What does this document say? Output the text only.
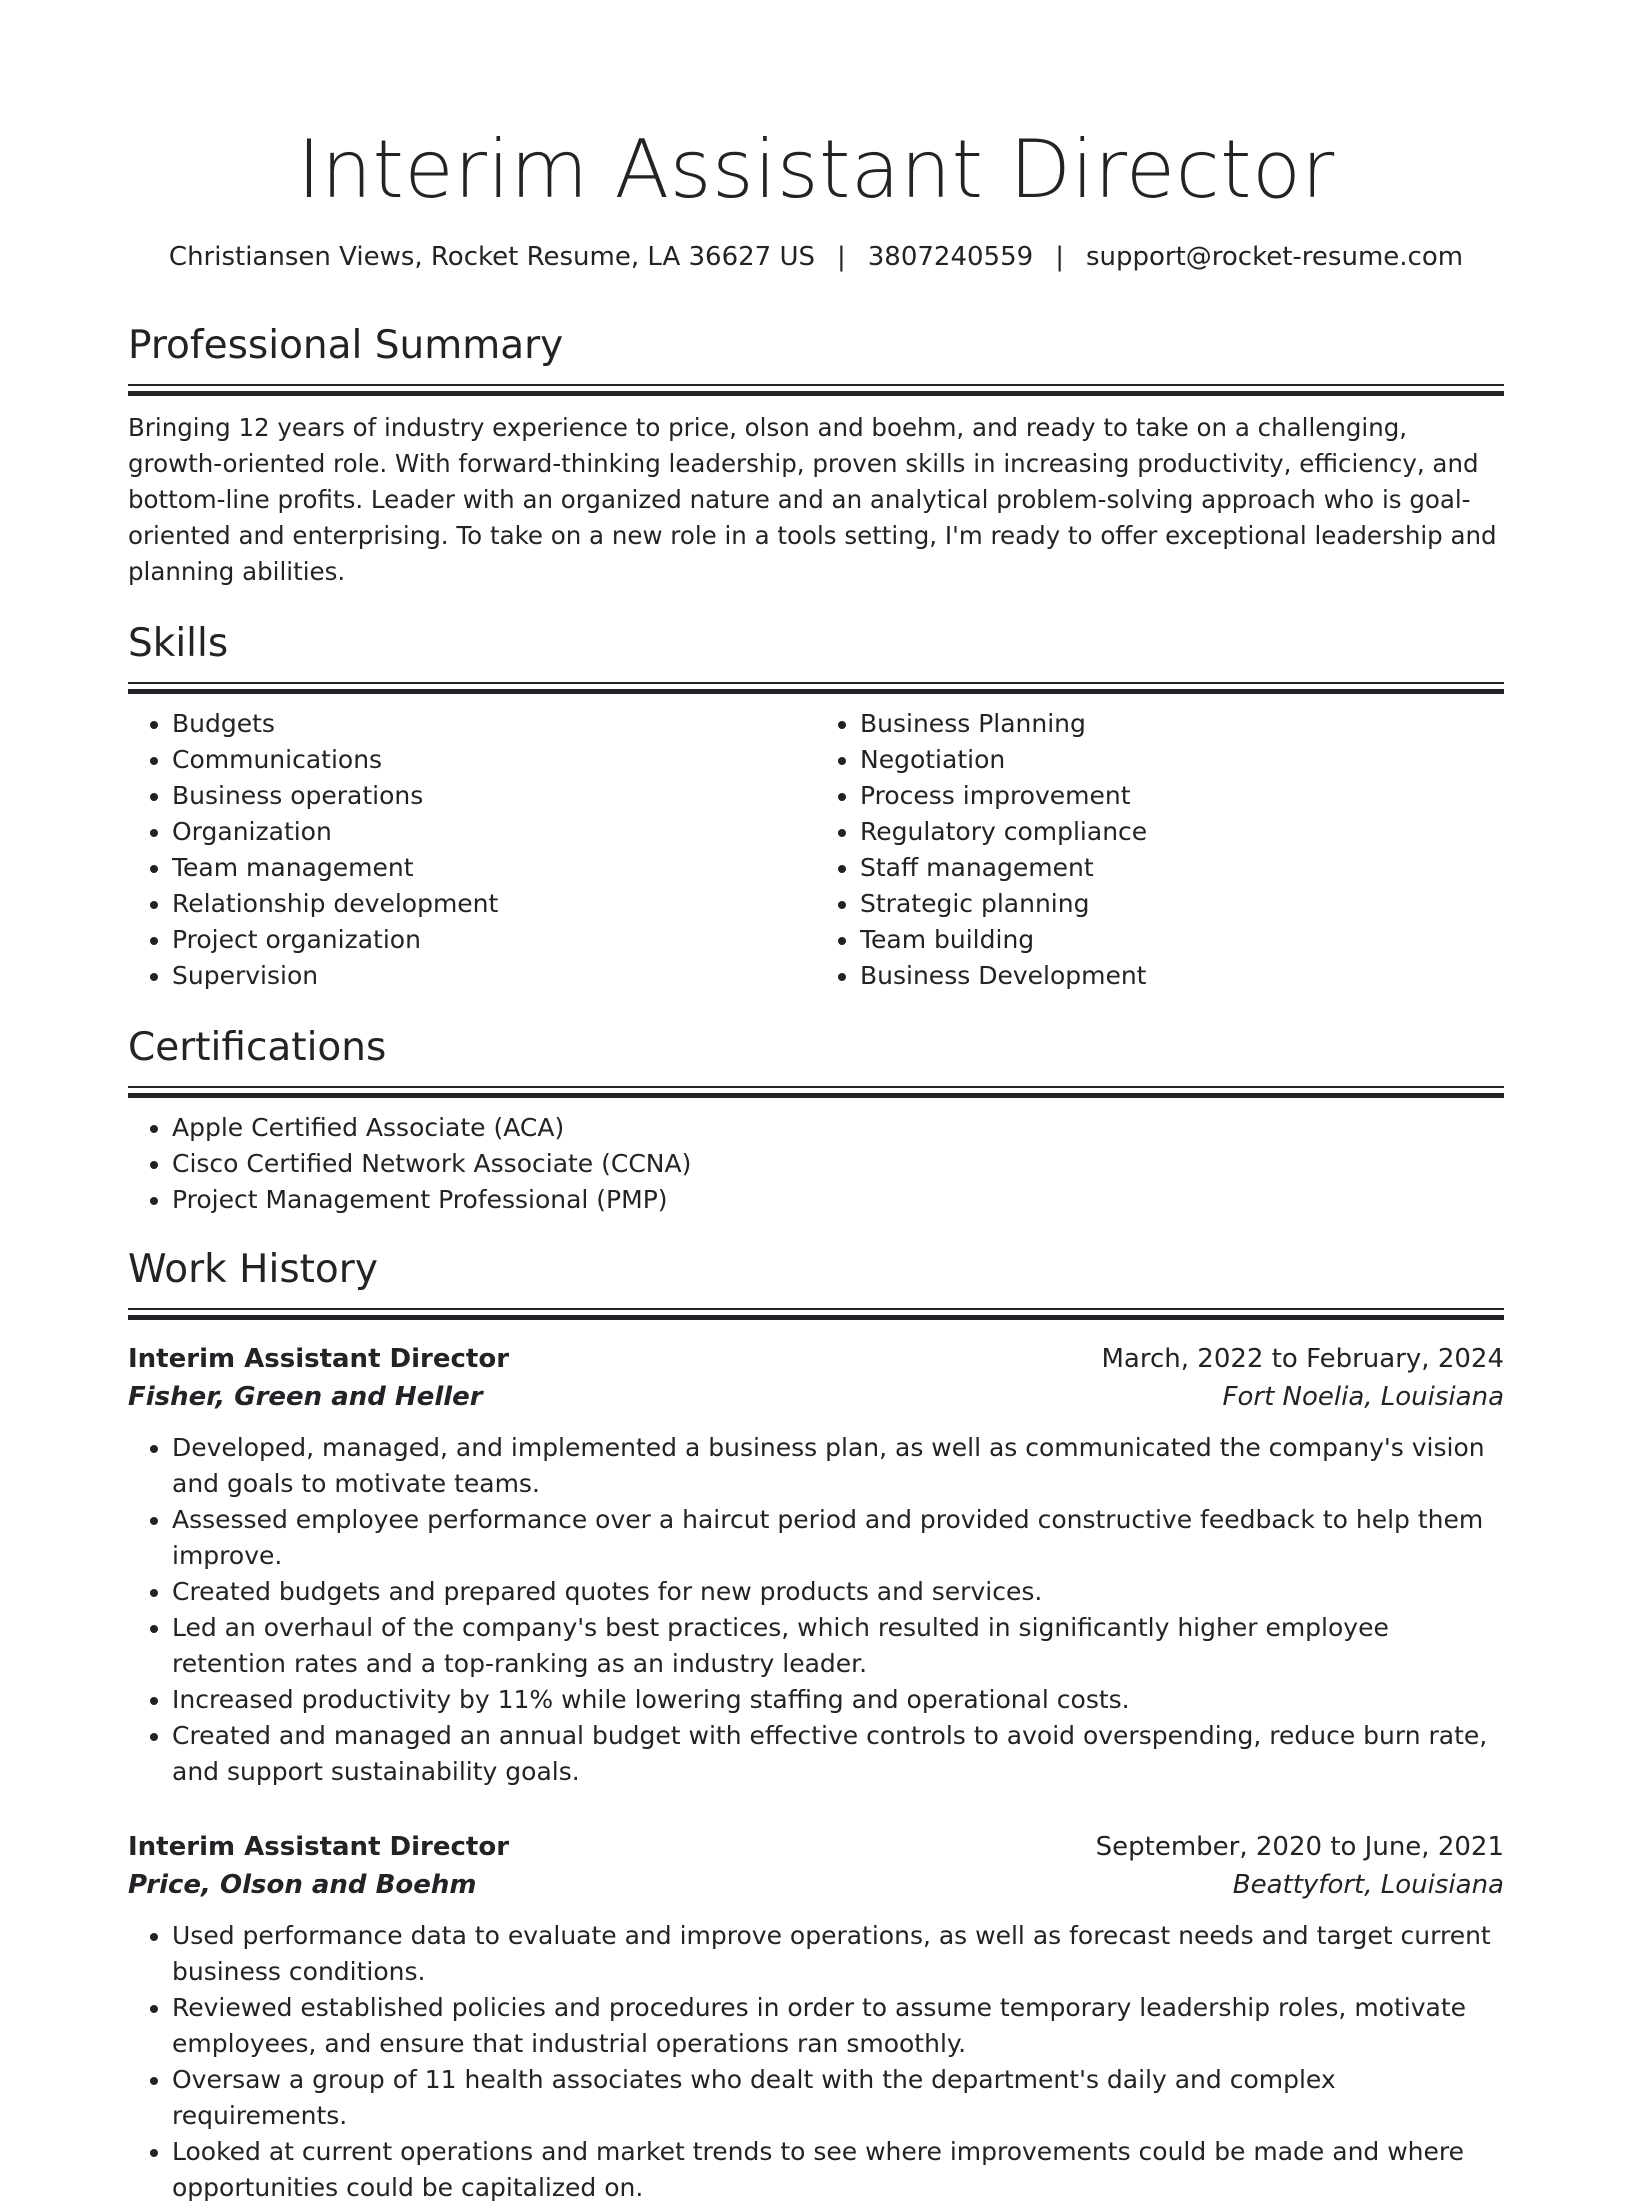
Interim Assistant Director
Christiansen Views, Rocket Resume, LA 36627 US | 3807240559 | support@rocket-resume.com
Professional Summary

Bringing 12 years of industry experience to price, olson and boehm, and ready to take on a challenging, growth-oriented role. With forward-thinking leadership, proven skills in increasing productivity, efficiency, and bottom-line profits. Leader with an organized nature and an analytical problem-solving approach who is goal-oriented and enterprising. To take on a new role in a tools setting, I'm ready to offer exceptional leadership and planning abilities.

Skills
• Budgets
• Communications
• Business operations
• Organization
• Team management
• Relationship development
• Project organization
• Supervision
• Business Planning
• Negotiation
• Process improvement
• Regulatory compliance
• Staff management
• Strategic planning
• Team building
• Business Development
Certifications
• Apple Certified Associate (ACA)
• Cisco Certified Network Associate (CCNA)
• Project Management Professional (PMP)
Work History
Interim Assistant Director	March, 2022 to February, 2024
Fisher, Green and Heller	Fort Noelia, Louisiana
• Developed, managed, and implemented a business plan, as well as communicated the company's vision and goals to motivate teams.
• Assessed employee performance over a haircut period and provided constructive feedback to help them improve.
• Created budgets and prepared quotes for new products and services.
• Led an overhaul of the company's best practices, which resulted in significantly higher employee retention rates and a top-ranking as an industry leader.
• Increased productivity by 11% while lowering staffing and operational costs.
• Created and managed an annual budget with effective controls to avoid overspending, reduce burn rate, and support sustainability goals.
Interim Assistant Director	September, 2020 to June, 2021
Price, Olson and Boehm	Beattyfort, Louisiana
• Used performance data to evaluate and improve operations, as well as forecast needs and target current business conditions.
• Reviewed established policies and procedures in order to assume temporary leadership roles, motivate employees, and ensure that industrial operations ran smoothly.
• Oversaw a group of 11 health associates who dealt with the department's daily and complex requirements.
• Looked at current operations and market trends to see where improvements could be made and where opportunities could be capitalized on.
